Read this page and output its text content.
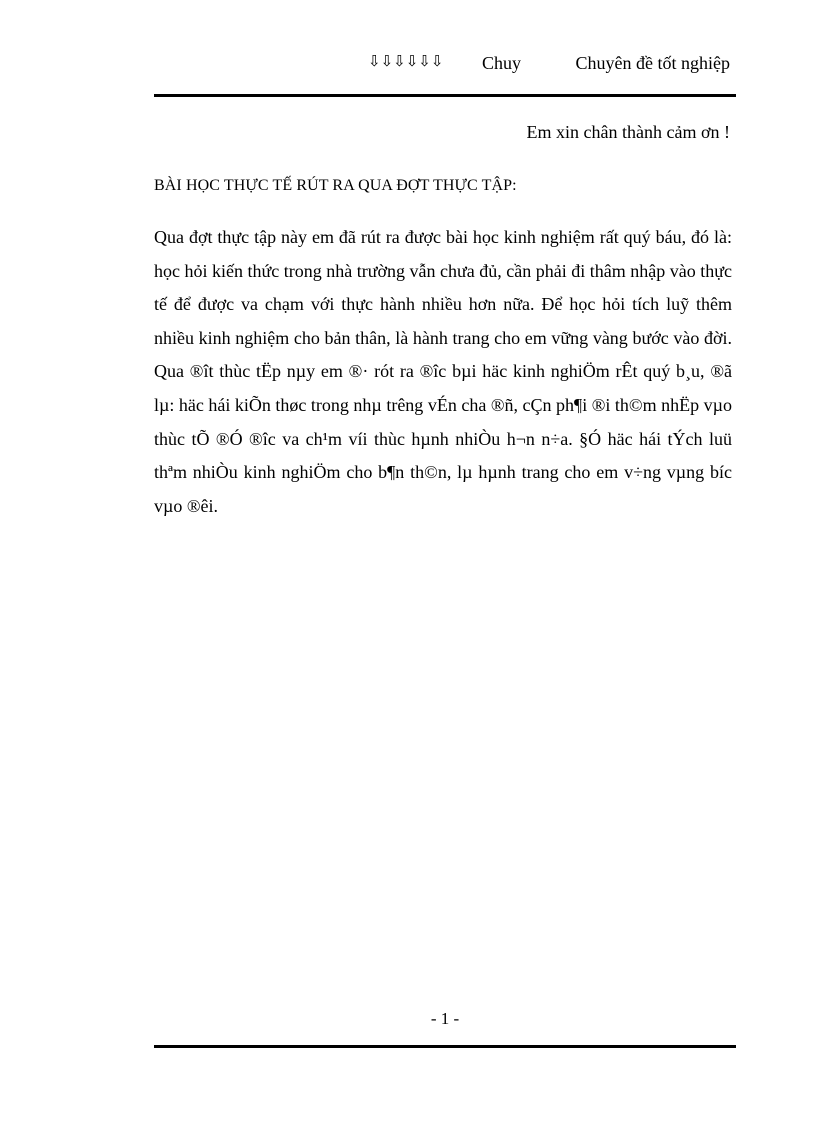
⇩⇩⇩⇩⇩⇩ Chuy	Chuyên đề tốt nghiệp
Em xin chân thành cảm ơn !
BÀI HỌC THỰC TẾ RÚT RA QUA ĐỢT THỰC TẬP:

Qua đợt thực tập này em đã rút ra được bài học kinh nghiệm rất quý báu, đó là: học hỏi kiến thức trong nhà trường vẫn chưa đủ, cần phải đi thâm nhập vào thực tế để được va chạm với thực hành nhiều hơn nữa. Để học hỏi tích luỹ thêm nhiều kinh nghiệm cho bản thân, là hành trang cho em vững vàng bước vào đời. Qua ®ît thùc tËp nµy em ®· rót ra ®îc bµi häc kinh nghiÖm rÊt quý b¸u, ®ã lµ: häc hái kiÕn thøc trong nhµ trêng vÉn cha ®ñ, cÇn ph¶i ®i th©m nhËp vµo thùc tÕ ®Ó ®îc va ch¹m víi thùc hµnh nhiÒu h¬n n÷a. §Ó häc hái tÝch luü thªm nhiÒu kinh nghiÖm cho b¶n th©n, lµ hµnh trang cho em v÷ng vµng bíc vµo ®êi.

- 1 -
